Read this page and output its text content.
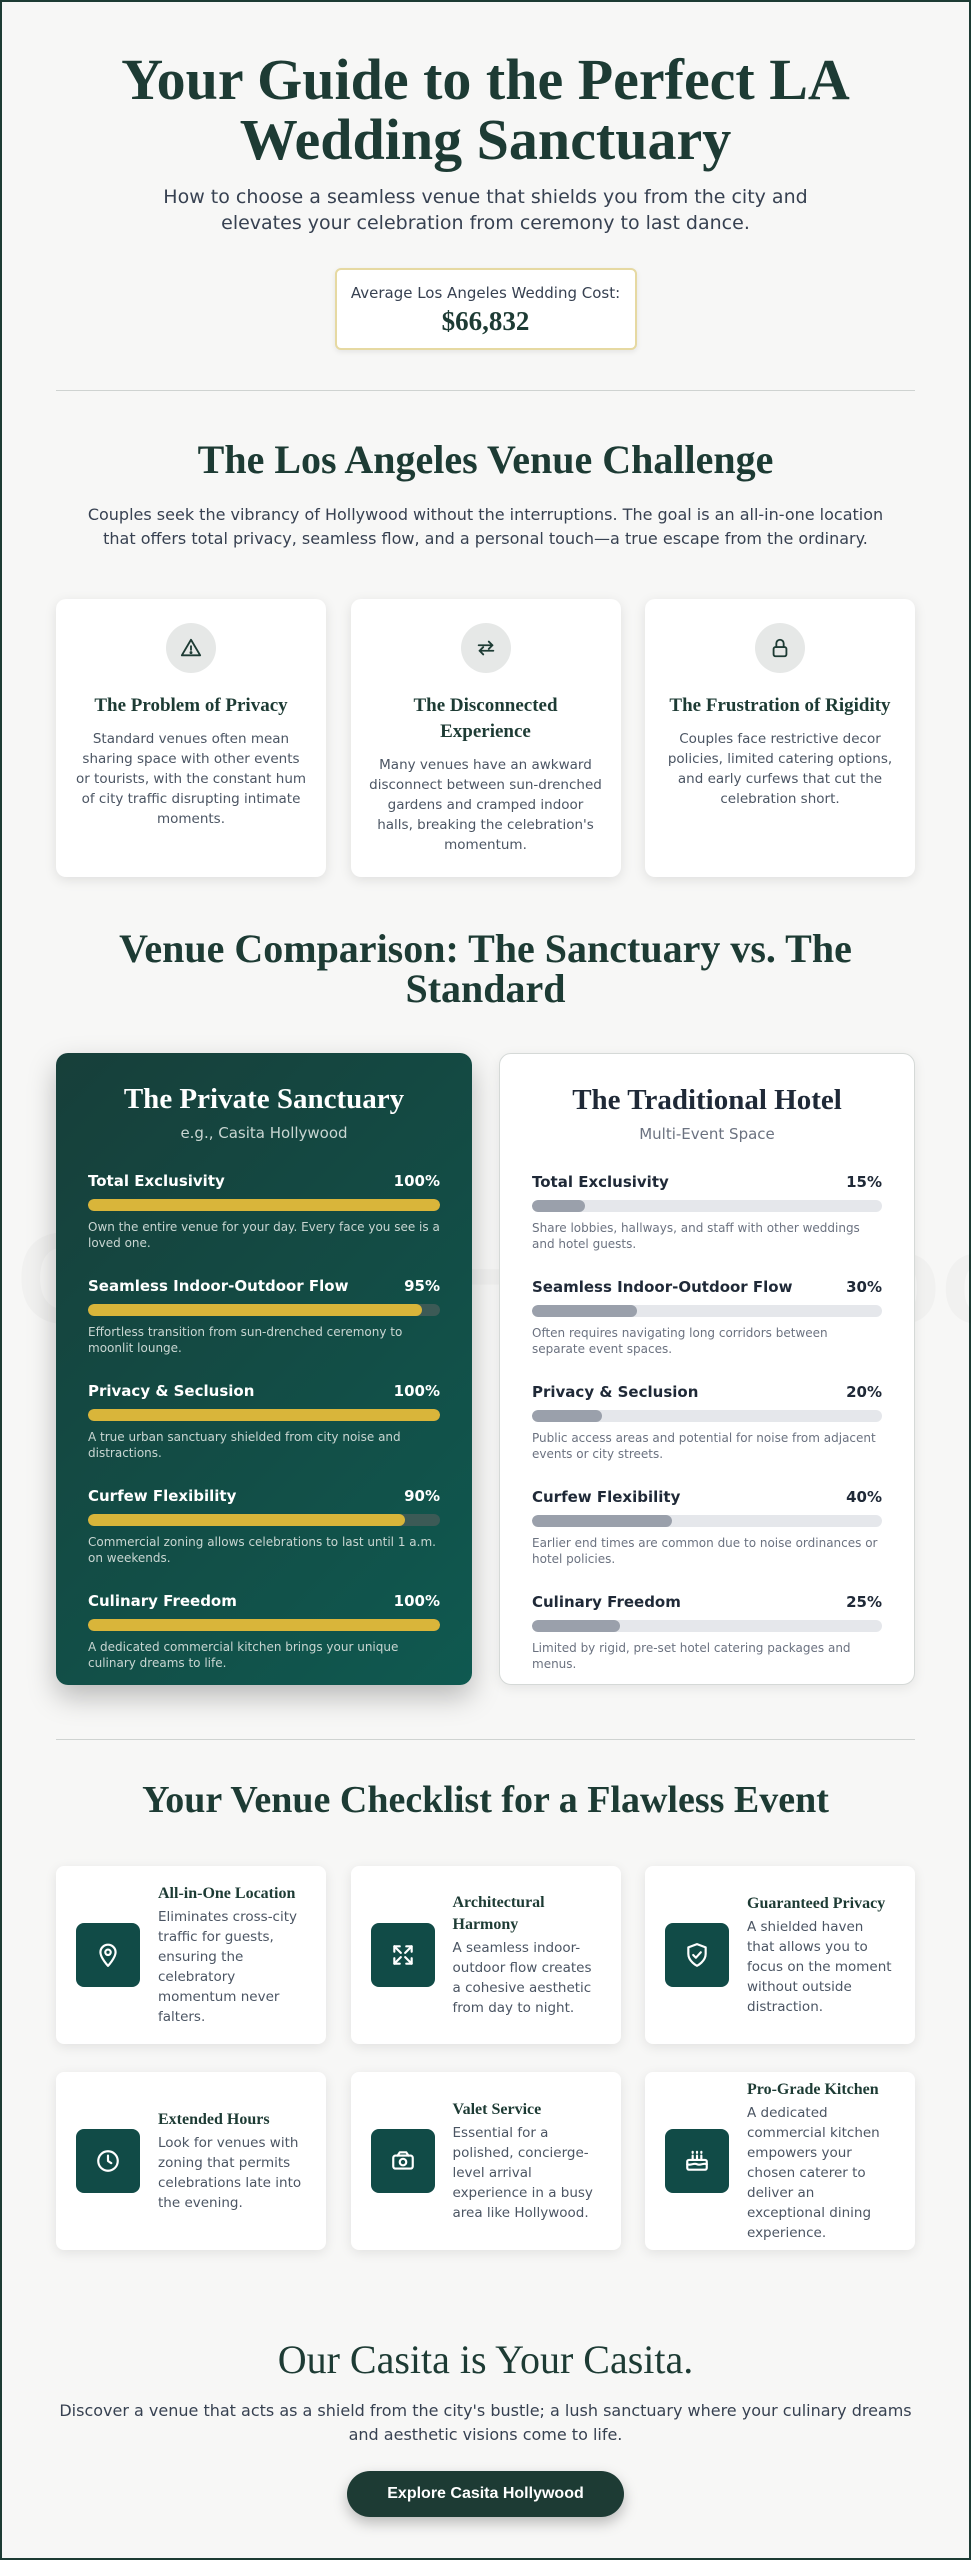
Your Guide to the Perfect LA Wedding Sanctuary

How to choose a seamless venue that shields you from the city and elevates your celebration from ceremony to last dance.

Average Los Angeles Wedding Cost:
$66,832
The Los Angeles Venue Challenge

Couples seek the vibrancy of Hollywood without the interruptions. The goal is an all-in-one location that offers total privacy, seamless flow, and a personal touch—a true escape from the ordinary.

The Problem of Privacy

Standard venues often mean sharing space with other events or tourists, with the constant hum of city traffic disrupting intimate moments.

The Disconnected Experience

Many venues have an awkward disconnect between sun-drenched gardens and cramped indoor halls, breaking the celebration's momentum.

The Frustration of Rigidity

Couples face restrictive decor policies, limited catering options, and early curfews that cut the celebration short.

Venue Comparison: The Sanctuary vs. The Standard
The Private Sanctuary
e.g., Casita Hollywood
Total Exclusivity	100%
Own the entire venue for your day. Every face you see is a loved one.
Seamless Indoor-Outdoor Flow	95%
Effortless transition from sun-drenched ceremony to moonlit lounge.
Privacy & Seclusion	100%
A true urban sanctuary shielded from city noise and distractions.
Curfew Flexibility	90%
Commercial zoning allows celebrations to last until 1 a.m. on weekends.
Culinary Freedom	100%
A dedicated commercial kitchen brings your unique culinary dreams to life.
The Traditional Hotel
Multi-Event Space
Total Exclusivity	15%
Share lobbies, hallways, and staff with other weddings and hotel guests.
Seamless Indoor-Outdoor Flow	30%
Often requires navigating long corridors between separate event spaces.
Privacy & Seclusion	20%
Public access areas and potential for noise from adjacent events or city streets.
Curfew Flexibility	40%
Earlier end times are common due to noise ordinances or hotel policies.
Culinary Freedom	25%
Limited by rigid, pre-set hotel catering packages and menus.
Your Venue Checklist for a Flawless Event
All-in-One Location

Eliminates cross-city traffic for guests, ensuring the celebratory momentum never falters.

Architectural Harmony

A seamless indoor-outdoor flow creates a cohesive aesthetic from day to night.

Guaranteed Privacy

A shielded haven that allows you to focus on the moment without outside distraction.

Extended Hours

Look for venues with zoning that permits celebrations late into the evening.

Valet Service

Essential for a polished, concierge-level arrival experience in a busy area like Hollywood.

Pro-Grade Kitchen

A dedicated commercial kitchen empowers your chosen caterer to deliver an exceptional dining experience.

Our Casita is Your Casita.

Discover a venue that acts as a shield from the city's bustle; a lush sanctuary where your culinary dreams and aesthetic visions come to life.

Explore Casita Hollywood
